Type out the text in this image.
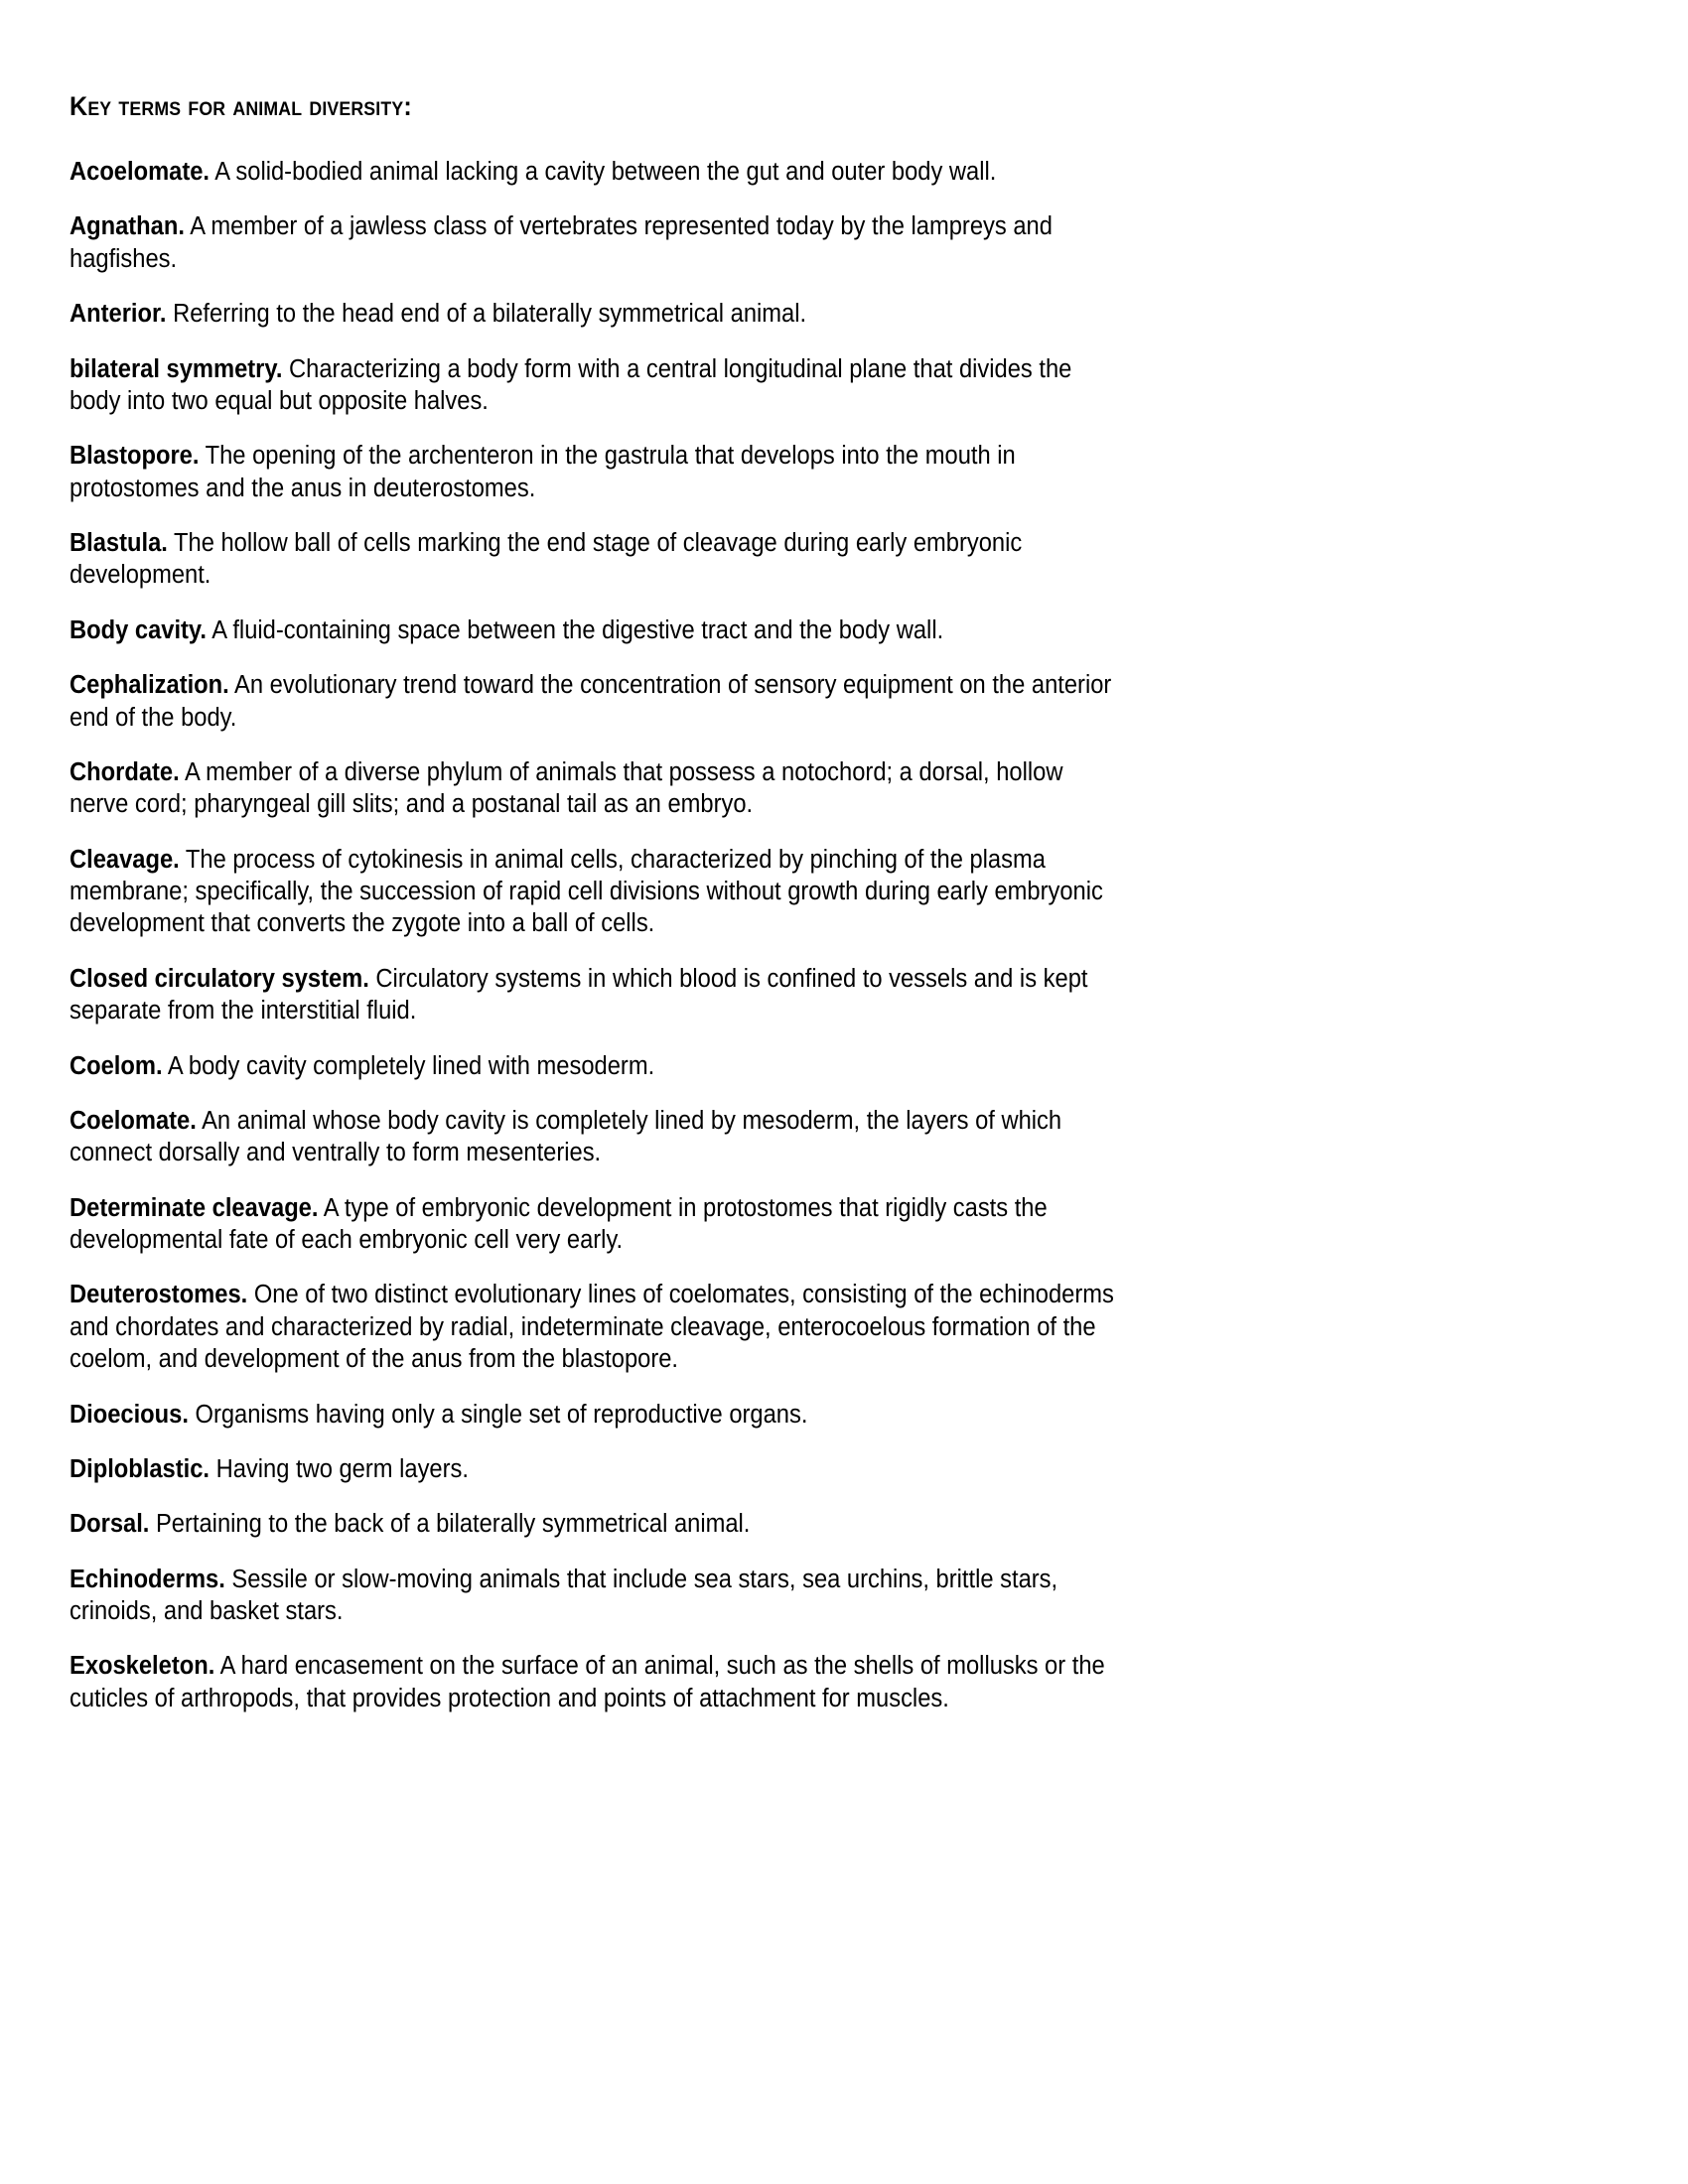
Key terms for animal diversity:

Acoelomate. A solid-bodied animal lacking a cavity between the gut and outer body wall.

Agnathan. A member of a jawless class of vertebrates represented today by the lampreys and hagfishes.

Anterior. Referring to the head end of a bilaterally symmetrical animal.

bilateral symmetry. Characterizing a body form with a central longitudinal plane that divides the body into two equal but opposite halves.

Blastopore. The opening of the archenteron in the gastrula that develops into the mouth in protostomes and the anus in deuterostomes.

Blastula. The hollow ball of cells marking the end stage of cleavage during early embryonic development.

Body cavity. A fluid-containing space between the digestive tract and the body wall.

Cephalization. An evolutionary trend toward the concentration of sensory equipment on the anterior end of the body.

Chordate. A member of a diverse phylum of animals that possess a notochord; a dorsal, hollow nerve cord; pharyngeal gill slits; and a postanal tail as an embryo.

Cleavage. The process of cytokinesis in animal cells, characterized by pinching of the plasma membrane; specifically, the succession of rapid cell divisions without growth during early embryonic development that converts the zygote into a ball of cells.

Closed circulatory system. Circulatory systems in which blood is confined to vessels and is kept separate from the interstitial fluid.

Coelom. A body cavity completely lined with mesoderm.

Coelomate. An animal whose body cavity is completely lined by mesoderm, the layers of which connect dorsally and ventrally to form mesenteries.

Determinate cleavage. A type of embryonic development in protostomes that rigidly casts the developmental fate of each embryonic cell very early.

Deuterostomes. One of two distinct evolutionary lines of coelomates, consisting of the echinoderms and chordates and characterized by radial, indeterminate cleavage, enterocoelous formation of the coelom, and development of the anus from the blastopore.

Dioecious. Organisms having only a single set of reproductive organs.

Diploblastic. Having two germ layers.

Dorsal. Pertaining to the back of a bilaterally symmetrical animal.

Echinoderms. Sessile or slow-moving animals that include sea stars, sea urchins, brittle stars, crinoids, and basket stars.

Exoskeleton. A hard encasement on the surface of an animal, such as the shells of mollusks or the cuticles of arthropods, that provides protection and points of attachment for muscles.
